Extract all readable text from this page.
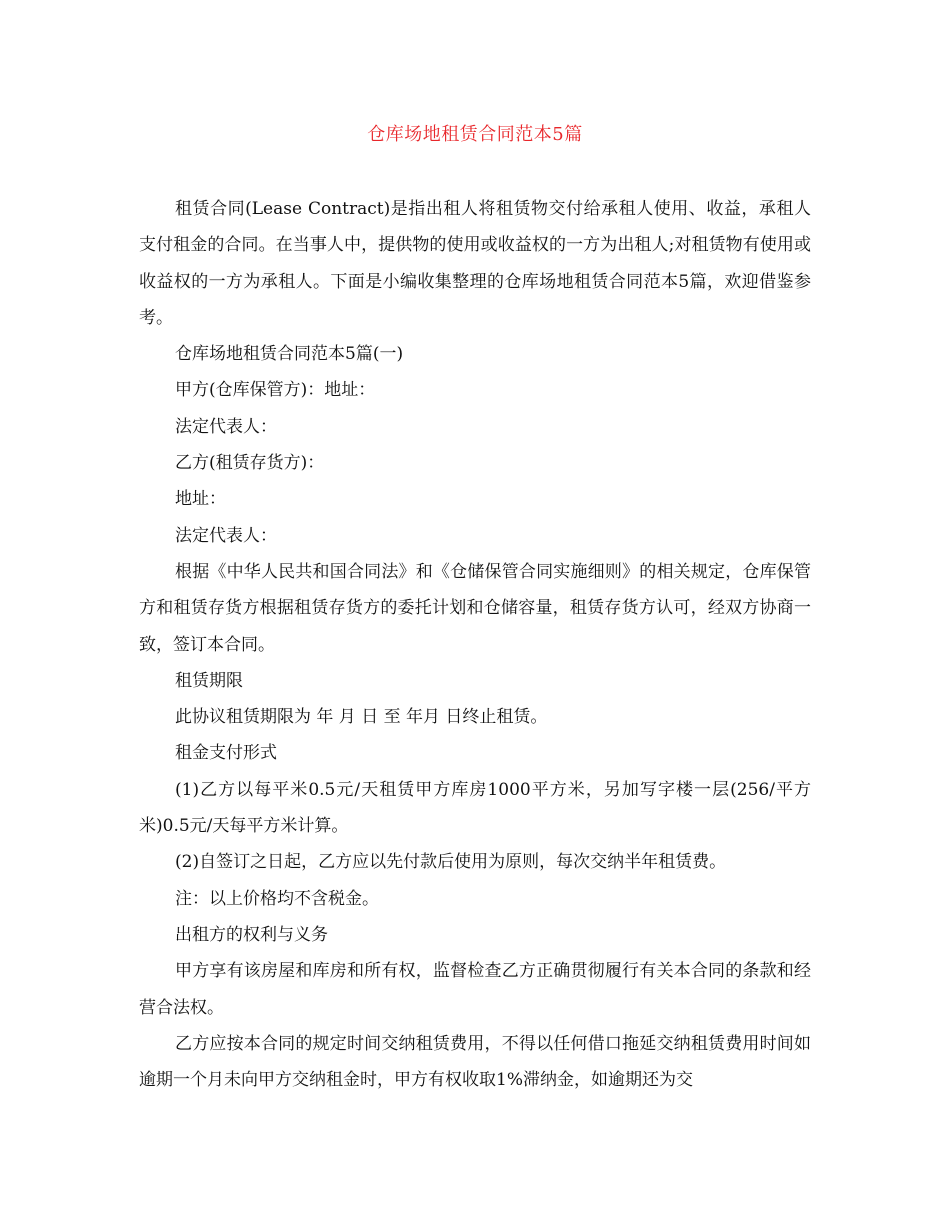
仓库场地租赁合同范本5篇

租赁合同(Lease Contract)是指出租人将租赁物交付给承租人使用、收益，承租人支付租金的合同。在当事人中，提供物的使用或收益权的一方为出租人;对租赁物有使用或收益权的一方为承租人。下面是小编收集整理的仓库场地租赁合同范本5篇，欢迎借鉴参考。

仓库场地租赁合同范本5篇(一)

甲方(仓库保管方)：地址：

法定代表人：

乙方(租赁存货方)：

地址：

法定代表人：

根据《中华人民共和国合同法》和《仓储保管合同实施细则》的相关规定，仓库保管方和租赁存货方根据租赁存货方的委托计划和仓储容量，租赁存货方认可，经双方协商一致，签订本合同。

租赁期限

此协议租赁期限为 年 月 日 至 年月 日终止租赁。

租金支付形式

(1)乙方以每平米0.5元/天租赁甲方库房1000平方米，另加写字楼一层(256/平方米)0.5元/天每平方米计算。

(2)自签订之日起，乙方应以先付款后使用为原则，每次交纳半年租赁费。

注：以上价格均不含税金。

出租方的权利与义务

甲方享有该房屋和库房和所有权，监督检查乙方正确贯彻履行有关本合同的条款和经营合法权。

乙方应按本合同的规定时间交纳租赁费用，不得以任何借口拖延交纳租赁费用时间如逾期一个月未向甲方交纳租金时，甲方有权收取1%滞纳金，如逾期还为交
